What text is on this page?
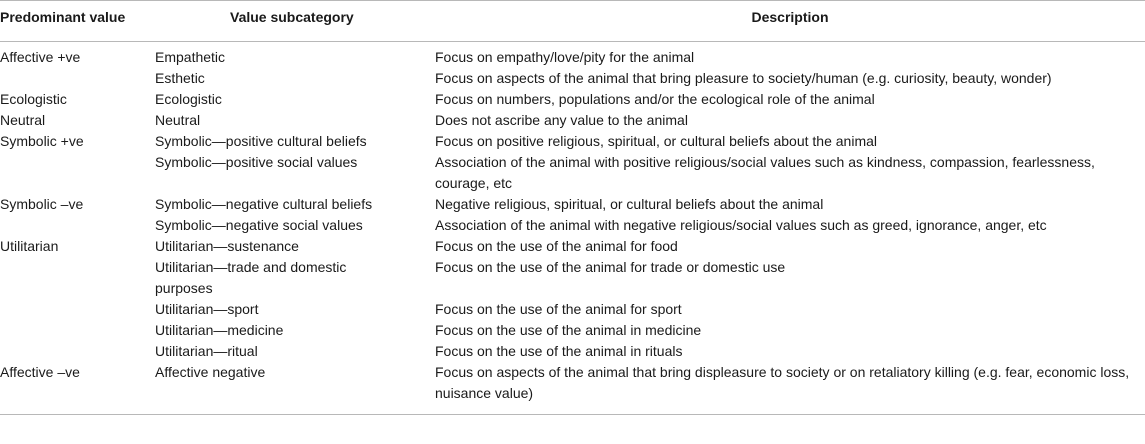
Predominant value	Value subcategory	Description
Affective +ve	Empathetic	Focus on empathy/love/pity for the animal
	Esthetic	Focus on aspects of the animal that bring pleasure to society/human (e.g. curiosity, beauty, wonder)
Ecologistic	Ecologistic	Focus on numbers, populations and/or the ecological role of the animal
Neutral	Neutral	Does not ascribe any value to the animal
Symbolic +ve	Symbolic—positive cultural beliefs	Focus on positive religious, spiritual, or cultural beliefs about the animal
	Symbolic—positive social values	Association of the animal with positive religious/social values such as kindness, compassion, fearlessness, courage, etc
Symbolic –ve	Symbolic—negative cultural beliefs	Negative religious, spiritual, or cultural beliefs about the animal
	Symbolic—negative social values	Association of the animal with negative religious/social values such as greed, ignorance, anger, etc
Utilitarian	Utilitarian—sustenance	Focus on the use of the animal for food
	Utilitarian—trade and domestic purposes	Focus on the use of the animal for trade or domestic use
	Utilitarian—sport	Focus on the use of the animal for sport
	Utilitarian—medicine	Focus on the use of the animal in medicine
	Utilitarian—ritual	Focus on the use of the animal in rituals
Affective –ve	Affective negative	Focus on aspects of the animal that bring displeasure to society or on retaliatory killing (e.g. fear, economic loss, nuisance value)
